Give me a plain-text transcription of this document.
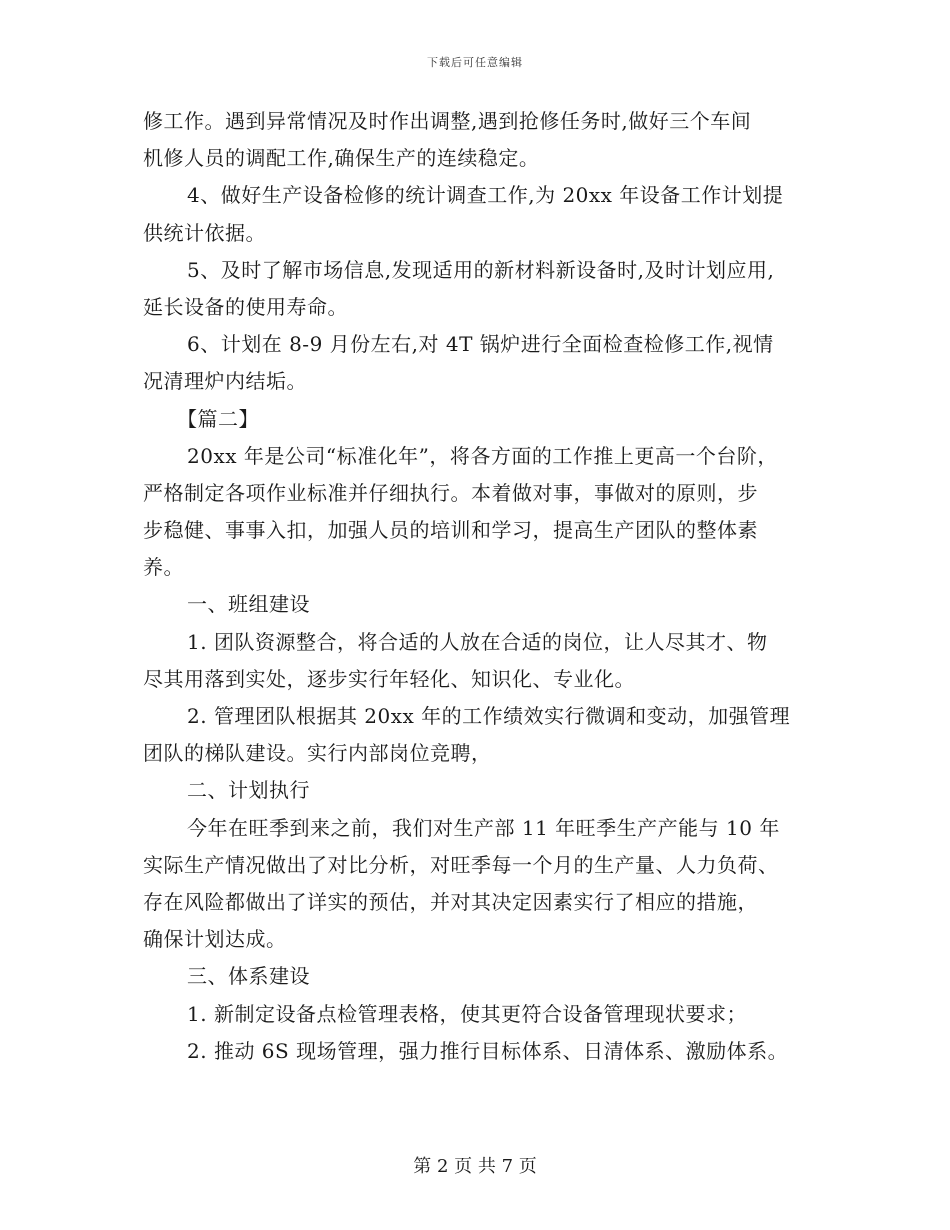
下载后可任意编辑
修工作。遇到异常情况及时作出调整,遇到抢修任务时,做好三个车间
机修人员的调配工作,确保生产的连续稳定。
4、做好生产设备检修的统计调查工作,为 20xx 年设备工作计划提
供统计依据。
5、及时了解市场信息,发现适用的新材料新设备时,及时计划应用,
延长设备的使用寿命。
6、计划在 8-9 月份左右,对 4T 锅炉进行全面检查检修工作,视情
况清理炉内结垢。
【篇二】
20xx 年是公司“标准化年”，将各方面的工作推上更高一个台阶，
严格制定各项作业标准并仔细执行。本着做对事，事做对的原则，步
步稳健、事事入扣，加强人员的培训和学习，提高生产团队的整体素
养。
一、班组建设
1. 团队资源整合，将合适的人放在合适的岗位，让人尽其才、物
尽其用落到实处，逐步实行年轻化、知识化、专业化。
2. 管理团队根据其 20xx 年的工作绩效实行微调和变动，加强管理
团队的梯队建设。实行内部岗位竞聘，
二、计划执行
今年在旺季到来之前，我们对生产部 11 年旺季生产产能与 10 年
实际生产情况做出了对比分析，对旺季每一个月的生产量、人力负荷、
存在风险都做出了详实的预估，并对其决定因素实行了相应的措施，
确保计划达成。
三、体系建设
1. 新制定设备点检管理表格，使其更符合设备管理现状要求；
2. 推动 6S 现场管理，强力推行目标体系、日清体系、激励体系。
第 2 页 共 7 页
